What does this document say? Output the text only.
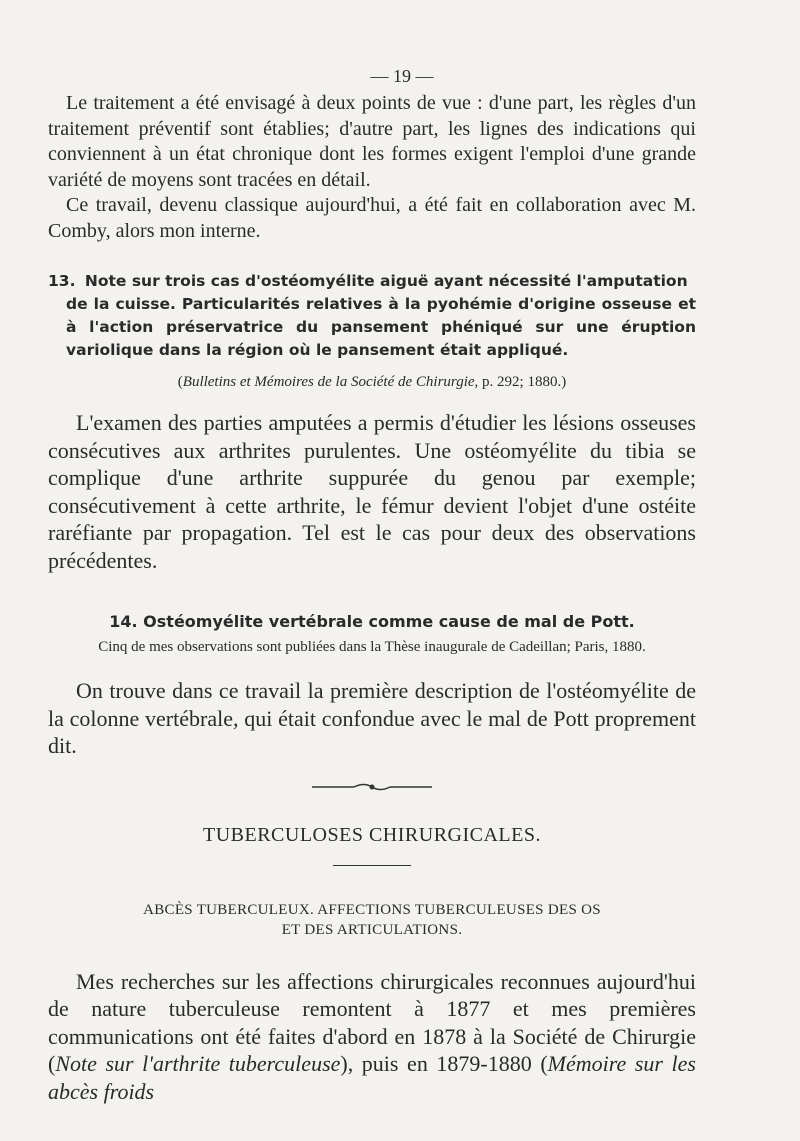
— 19 —

Le traitement a été envisagé à deux points de vue : d'une part, les règles d'un traitement préventif sont établies; d'autre part, les lignes des indications qui conviennent à un état chronique dont les formes exigent l'emploi d'une grande variété de moyens sont tracées en détail.

Ce travail, devenu classique aujourd'hui, a été fait en collaboration avec M. Comby, alors mon interne.

13. Note sur trois cas d'ostéomyélite aiguë ayant nécessité l'amputation
de la cuisse. Particularités relatives à la pyohémie d'origine osseuse et à l'action préservatrice du pansement phéniqué sur une éruption variolique dans la région où le pansement était appliqué.
(Bulletins et Mémoires de la Société de Chirurgie, p. 292; 1880.)

L'examen des parties amputées a permis d'étudier les lésions osseuses consécutives aux arthrites purulentes. Une ostéomyélite du tibia se complique d'une arthrite suppurée du genou par exemple; consécutivement à cette arthrite, le fémur devient l'objet d'une ostéite raréfiante par propagation. Tel est le cas pour deux des observations précédentes.

14. Ostéomyélite vertébrale comme cause de mal de Pott.
Cinq de mes observations sont publiées dans la Thèse inaugurale de Cadeillan; Paris, 1880.

On trouve dans ce travail la première description de l'ostéomyélite de la colonne vertébrale, qui était confondue avec le mal de Pott proprement dit.

TUBERCULOSES CHIRURGICALES.
ABCÈS TUBERCULEUX. AFFECTIONS TUBERCULEUSES DES OS
ET DES ARTICULATIONS.

Mes recherches sur les affections chirurgicales reconnues aujourd'hui de nature tuberculeuse remontent à 1877 et mes premières communications ont été faites d'abord en 1878 à la Société de Chirurgie (Note sur l'arthrite tuberculeuse), puis en 1879-1880 (Mémoire sur les abcès froids
